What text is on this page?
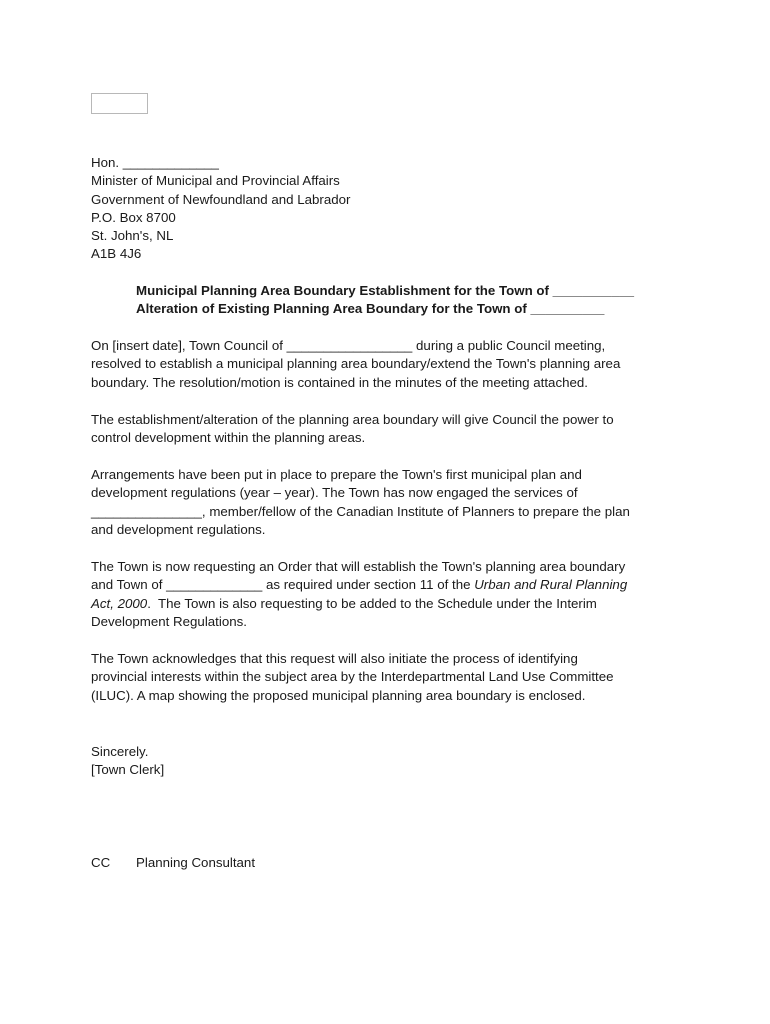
Hon. _____________
Minister of Municipal and Provincial Affairs
Government of Newfoundland and Labrador
P.O. Box 8700
St. John's, NL
A1B 4J6
Municipal Planning Area Boundary Establishment for the Town of ___________
Alteration of Existing Planning Area Boundary for the Town of __________
On [insert date], Town Council of _________________ during a public Council meeting,
resolved to establish a municipal planning area boundary/extend the Town's planning area
boundary. The resolution/motion is contained in the minutes of the meeting attached.
The establishment/alteration of the planning area boundary will give Council the power to
control development within the planning areas.
Arrangements have been put in place to prepare the Town's first municipal plan and
development regulations (year – year). The Town has now engaged the services of
_______________, member/fellow of the Canadian Institute of Planners to prepare the plan
and development regulations.
The Town is now requesting an Order that will establish the Town's planning area boundary
and Town of _____________ as required under section 11 of the Urban and Rural Planning
Act, 2000.  The Town is also requesting to be added to the Schedule under the Interim
Development Regulations.
The Town acknowledges that this request will also initiate the process of identifying
provincial interests within the subject area by the Interdepartmental Land Use Committee
(ILUC). A map showing the proposed municipal planning area boundary is enclosed.
Sincerely.
[Town Clerk]
CC Planning Consultant
